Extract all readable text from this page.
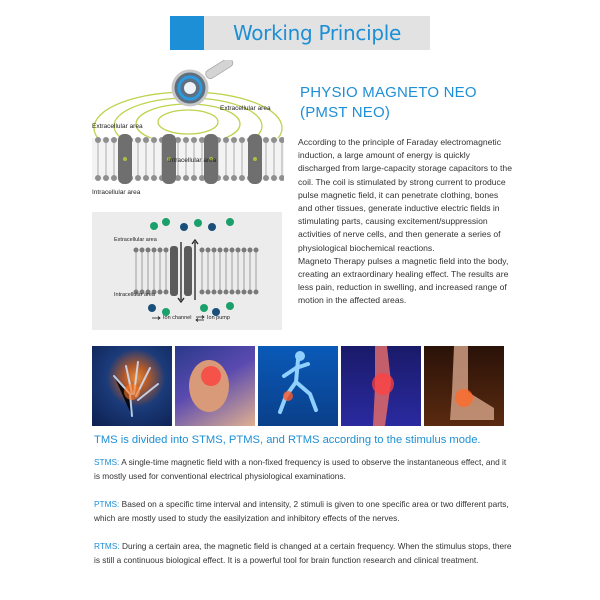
Working Principle
Extracellular area
Extracellular area
Intracellular area
Intracellular area
Extracellular area
Intracellular area
Ion channel	Ion pump
PHYSIO MAGNETO NEO
(PMST NEO)

According to the principle of Faraday electromagnetic induction, a large amount of energy is quickly discharged from large-capacity storage capacitors to the coil. The coil is stimulated by strong current to produce pulse magnetic field, it can penetrate clothing, bones and other tissues, generate inductive electric fields in stimulating parts, causing excitement/suppression activities of nerve cells, and then generate a series of physiological biochemical reactions.

Magneto Therapy pulses a magnetic field into the body, creating an extraordinary healing effect. The results are less pain, reduction in swelling, and increased range of motion in the affected areas.

TMS is divided into STMS, PTMS, and RTMS according to the stimulus mode.
STMS: A single-time magnetic field with a non-fixed frequency is used to observe the instantaneous effect, and it is mostly used for conventional electrical physiological examinations.
PTMS: Based on a specific time interval and intensity, 2 stimuli is given to one specific area or two different parts, which are mostly used to study the easilyization and inhibitory effects of the nerves.
RTMS: During a certain area, the magnetic field is changed at a certain frequency. When the stimulus stops, there is still a continuous biological effect. It is a powerful tool for brain function research and clinical treatment.
